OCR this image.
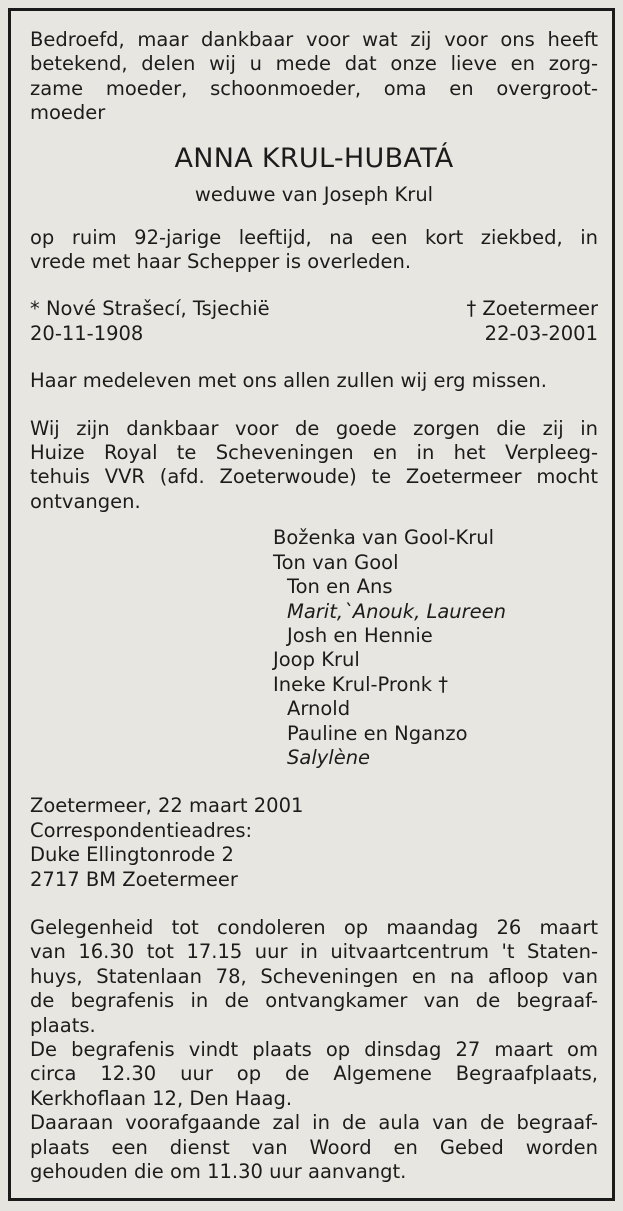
Bedroefd, maar dankbaar voor wat zij voor ons heeft
betekend, delen wij u mede dat onze lieve en zorg-
zame moeder, schoonmoeder, oma en overgroot-
moeder
ANNA KRUL-HUBATÁ
weduwe van Joseph Krul
op ruim 92-jarige leeftijd, na een kort ziekbed, in
vrede met haar Schepper is overleden.
* Nové Strašecí, Tsjechië
20-11-1908
† Zoetermeer
22-03-2001
Haar medeleven met ons allen zullen wij erg missen.
Wij zijn dankbaar voor de goede zorgen die zij in
Huize Royal te Scheveningen en in het Verpleeg-
tehuis VVR (afd. Zoeterwoude) te Zoetermeer mocht
ontvangen.
Boženka van Gool-Krul
Ton van Gool
Ton en Ans
Marit,`Anouk, Laureen
Josh en Hennie
Joop Krul
Ineke Krul-Pronk †
Arnold
Pauline en Nganzo
Salylène
Zoetermeer, 22 maart 2001
Correspondentieadres:
Duke Ellingtonrode 2
2717 BM Zoetermeer
Gelegenheid tot condoleren op maandag 26 maart
van 16.30 tot 17.15 uur in uitvaartcentrum 't Staten-
huys, Statenlaan 78, Scheveningen en na afloop van
de begrafenis in de ontvangkamer van de begraaf-
plaats.
De begrafenis vindt plaats op dinsdag 27 maart om
circa 12.30 uur op de Algemene Begraafplaats,
Kerkhoflaan 12, Den Haag.
Daaraan voorafgaande zal in de aula van de begraaf-
plaats een dienst van Woord en Gebed worden
gehouden die om 11.30 uur aanvangt.
